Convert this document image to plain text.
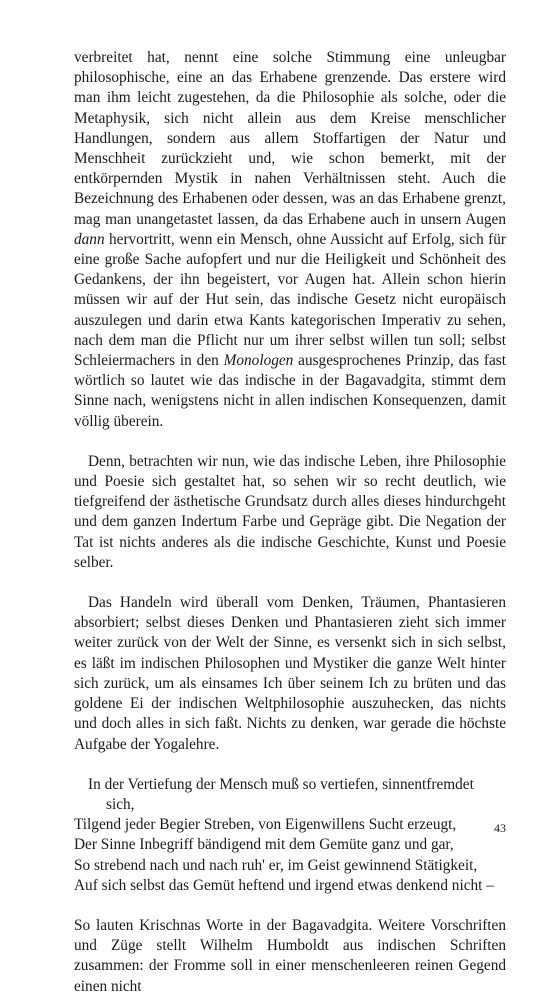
verbreitet hat, nennt eine solche Stimmung eine unleugbar philosophische, eine an das Erhabene grenzende. Das erstere wird man ihm leicht zugestehen, da die Philosophie als solche, oder die Metaphysik, sich nicht allein aus dem Kreise menschlicher Handlungen, sondern aus allem Stoffartigen der Natur und Menschheit zurückzieht und, wie schon bemerkt, mit der entkörpernden Mystik in nahen Verhältnissen steht. Auch die Bezeichnung des Erhabenen oder dessen, was an das Erhabene grenzt, mag man unangetastet lassen, da das Erhabene auch in unsern Augen dann hervortritt, wenn ein Mensch, ohne Aussicht auf Erfolg, sich für eine große Sache aufopfert und nur die Heiligkeit und Schönheit des Gedankens, der ihn begeistert, vor Augen hat. Allein schon hierin müssen wir auf der Hut sein, das indische Gesetz nicht europäisch auszulegen und darin etwa Kants kategorischen Imperativ zu sehen, nach dem man die Pflicht nur um ihrer selbst willen tun soll; selbst Schleiermachers in den Monologen ausgesprochenes Prinzip, das fast wörtlich so lautet wie das indische in der Bagavadgita, stimmt dem Sinne nach, wenigstens nicht in allen indischen Konsequenzen, damit völlig überein.

Denn, betrachten wir nun, wie das indische Leben, ihre Philosophie und Poesie sich gestaltet hat, so sehen wir so recht deutlich, wie tiefgreifend der ästhetische Grundsatz durch alles dieses hindurchgeht und dem ganzen Indertum Farbe und Gepräge gibt. Die Negation der Tat ist nichts anderes als die indische Geschichte, Kunst und Poesie selber.

Das Handeln wird überall vom Denken, Träumen, Phantasieren absorbiert; selbst dieses Denken und Phantasieren zieht sich immer weiter zurück von der Welt der Sinne, es versenkt sich in sich selbst, es läßt im indischen Philosophen und Mystiker die ganze Welt hinter sich zurück, um als einsames Ich über seinem Ich zu brüten und das goldene Ei der indischen Weltphilosophie auszuhecken, das nichts und doch alles in sich faßt. Nichts zu denken, war gerade die höchste Aufgabe der Yogalehre.

In der Vertiefung der Mensch muß so vertiefen, sinnentfremdet
sich,
Tilgend jeder Begier Streben, von Eigenwillens Sucht erzeugt,
Der Sinne Inbegriff bändigend mit dem Gemüte ganz und gar,
So strebend nach und nach ruh' er, im Geist gewinnend Stätigkeit,
Auf sich selbst das Gemüt heftend und irgend etwas denkend nicht –

So lauten Krischnas Worte in der Bagavadgita. Weitere Vorschriften und Züge stellt Wilhelm Humboldt aus indischen Schriften zusammen: der Fromme soll in einer menschenleeren reinen Gegend einen nicht

43
